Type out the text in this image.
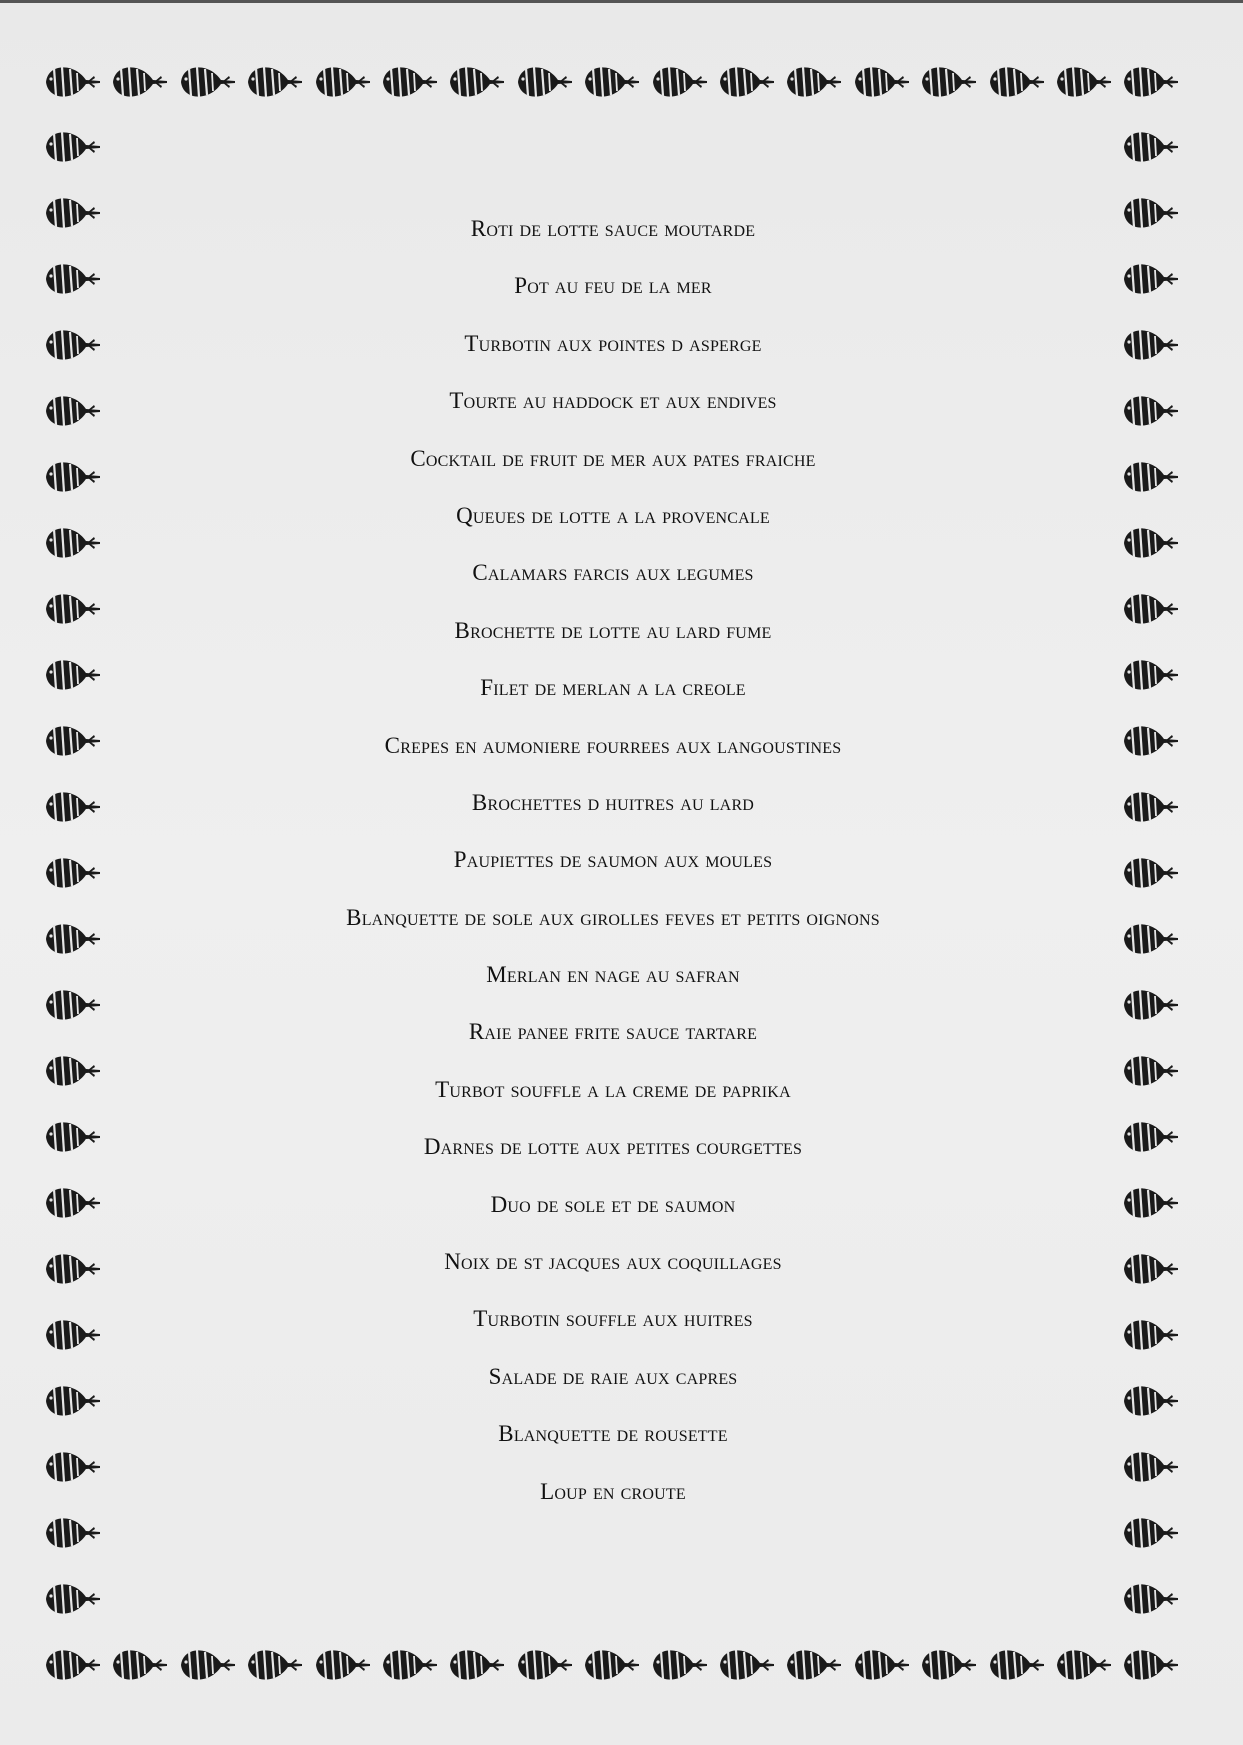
Roti de lotte sauce moutarde
Pot au feu de la mer
Turbotin aux pointes d asperge
Tourte au haddock et aux endives
Cocktail de fruit de mer aux pates fraiche
Queues de lotte a la provencale
Calamars farcis aux legumes
Brochette de lotte au lard fume
Filet de merlan a la creole
Crepes en aumoniere fourrees aux langoustines
Brochettes d huitres au lard
Paupiettes de saumon aux moules
Blanquette de sole aux girolles feves et petits oignons
Merlan en nage au safran
Raie panee frite sauce tartare
Turbot souffle a la creme de paprika
Darnes de lotte aux petites courgettes
Duo de sole et de saumon
Noix de st jacques aux coquillages
Turbotin souffle aux huitres
Salade de raie aux capres
Blanquette de rousette
Loup en croute
